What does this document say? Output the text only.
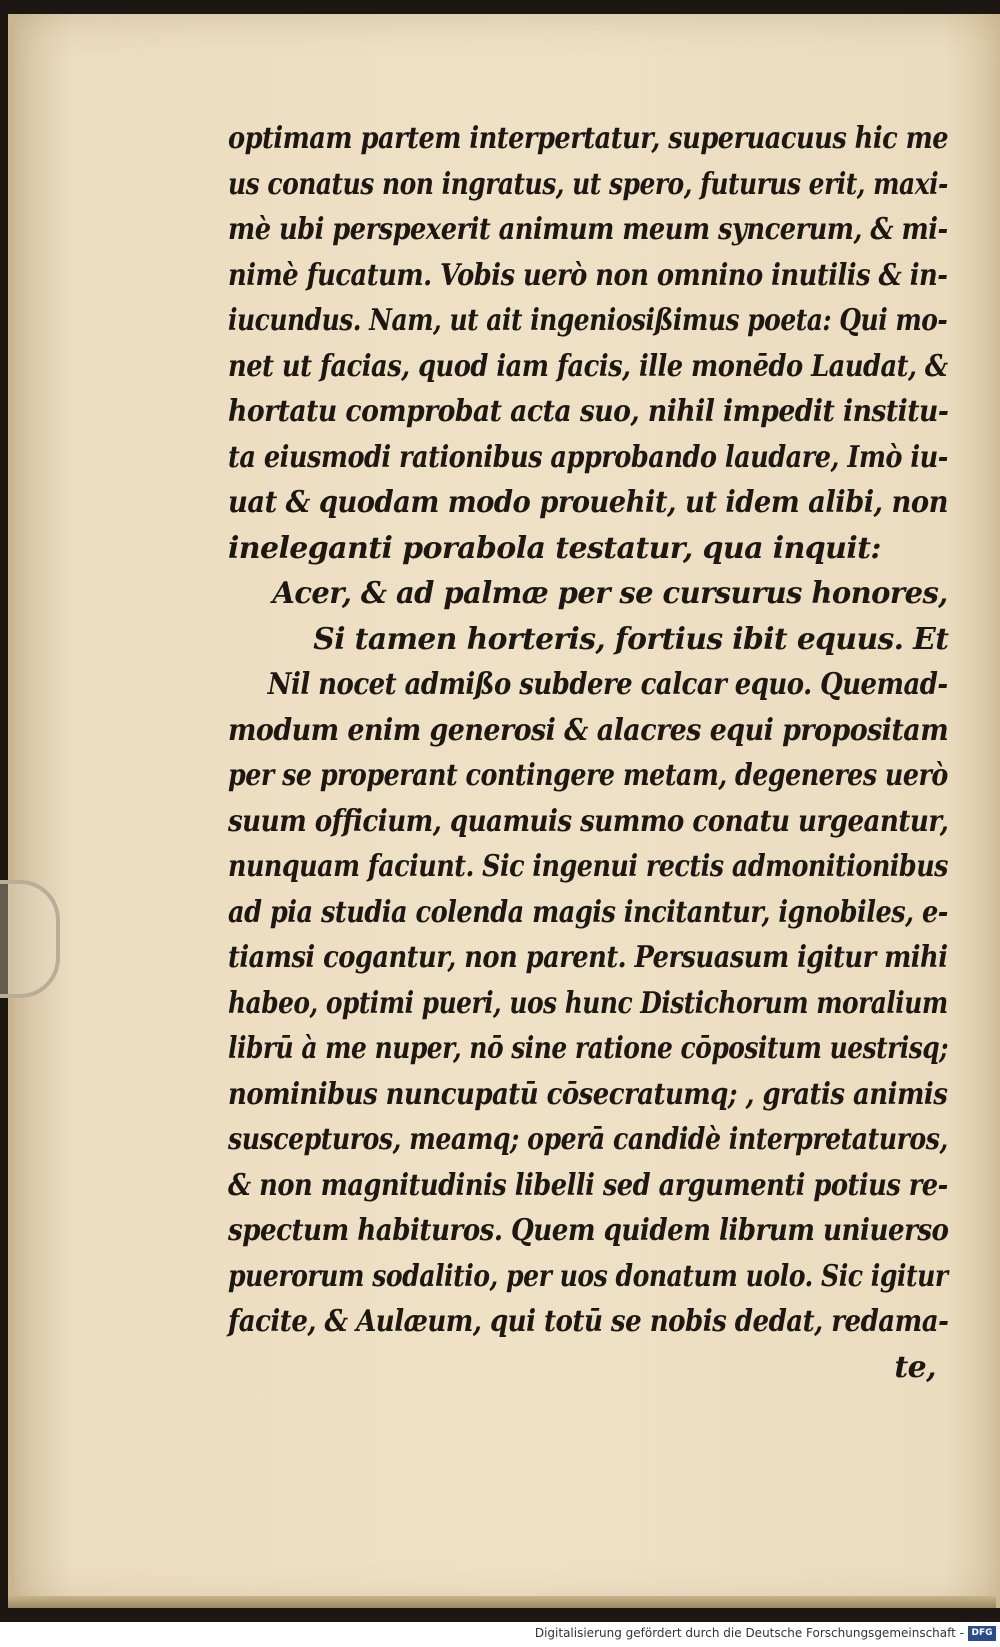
optimam partem interpertatur, superuacuus hic me
us conatus non ingratus, ut spero, futurus erit, maxi-
mè ubi perspexerit animum meum syncerum, & mi-
nimè fucatum. Vobis uerò non omnino inutilis & in-
iucundus. Nam, ut ait ingeniosißimus poeta: Qui mo-
net ut facias, quod iam facis, ille monēdo Laudat, &
hortatu comprobat acta suo, nihil impedit institu-
ta eiusmodi rationibus approbando laudare, Imò iu-
uat & quodam modo prouehit, ut idem alibi, non
ineleganti porabola testatur, qua inquit:
Acer, & ad palmæ per se cursurus honores,
Si tamen horteris, fortius ibit equus. Et
Nil nocet admißo subdere calcar equo. Quemad-
modum enim generosi & alacres equi propositam
per se properant contingere metam, degeneres uerò
suum officium, quamuis summo conatu urgeantur,
nunquam faciunt. Sic ingenui rectis admonitionibus
ad pia studia colenda magis incitantur, ignobiles, e-
tiamsi cogantur, non parent. Persuasum igitur mihi
habeo, optimi pueri, uos hunc Distichorum moralium
librū à me nuper, nō sine ratione cōpositum uestrisq;
nominibus nuncupatū cōsecratumq; , gratis animis
suscepturos, meamq; operā candidè interpretaturos,
& non magnitudinis libelli sed argumenti potius re-
spectum habituros. Quem quidem librum uniuerso
puerorum sodalitio, per uos donatum uolo. Sic igitur
facite, & Aulæum, qui totū se nobis dedat, redama-
te,
Digitalisierung gefördert durch die Deutsche Forschungsgemeinschaft - DFG
